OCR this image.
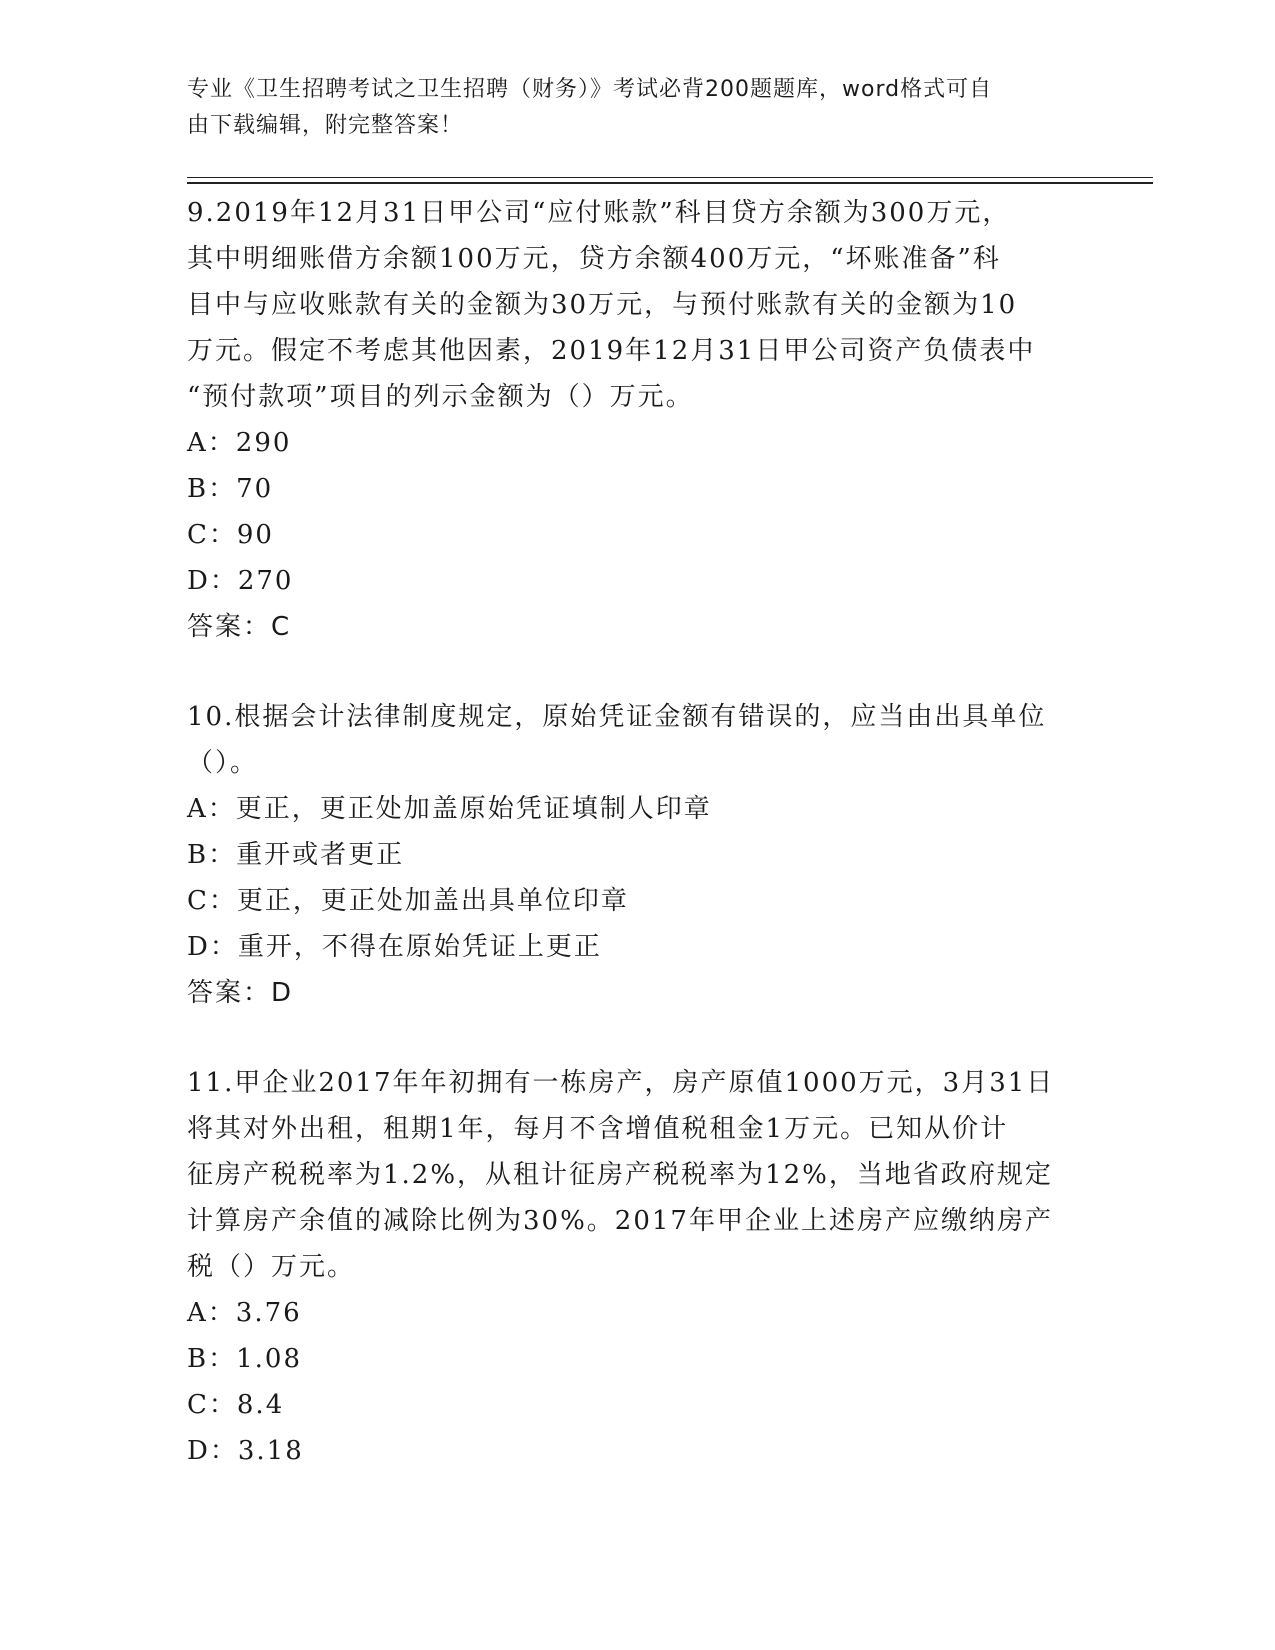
专业《卫生招聘考试之卫生招聘（财务）》考试必背200题题库，word格式可自
由下载编辑，附完整答案！
9.2019年12月31日甲公司“应付账款”科目贷方余额为300万元，
其中明细账借方余额100万元，贷方余额400万元，“坏账准备”科
目中与应收账款有关的金额为30万元，与预付账款有关的金额为10
万元。假定不考虑其他因素，2019年12月31日甲公司资产负债表中
“预付款项”项目的列示金额为（）万元。
A：290
B：70
C：90
D：270
答案：C
10.根据会计法律制度规定，原始凭证金额有错误的，应当由出具单位
（）。
A：更正，更正处加盖原始凭证填制人印章
B：重开或者更正
C：更正，更正处加盖出具单位印章
D：重开，不得在原始凭证上更正
答案：D
11.甲企业2017年年初拥有一栋房产，房产原值1000万元，3月31日
将其对外出租，租期1年，每月不含增值税租金1万元。已知从价计
征房产税税率为1.2%，从租计征房产税税率为12%，当地省政府规定
计算房产余值的减除比例为30%。2017年甲企业上述房产应缴纳房产
税（）万元。
A：3.76
B：1.08
C：8.4
D：3.18
